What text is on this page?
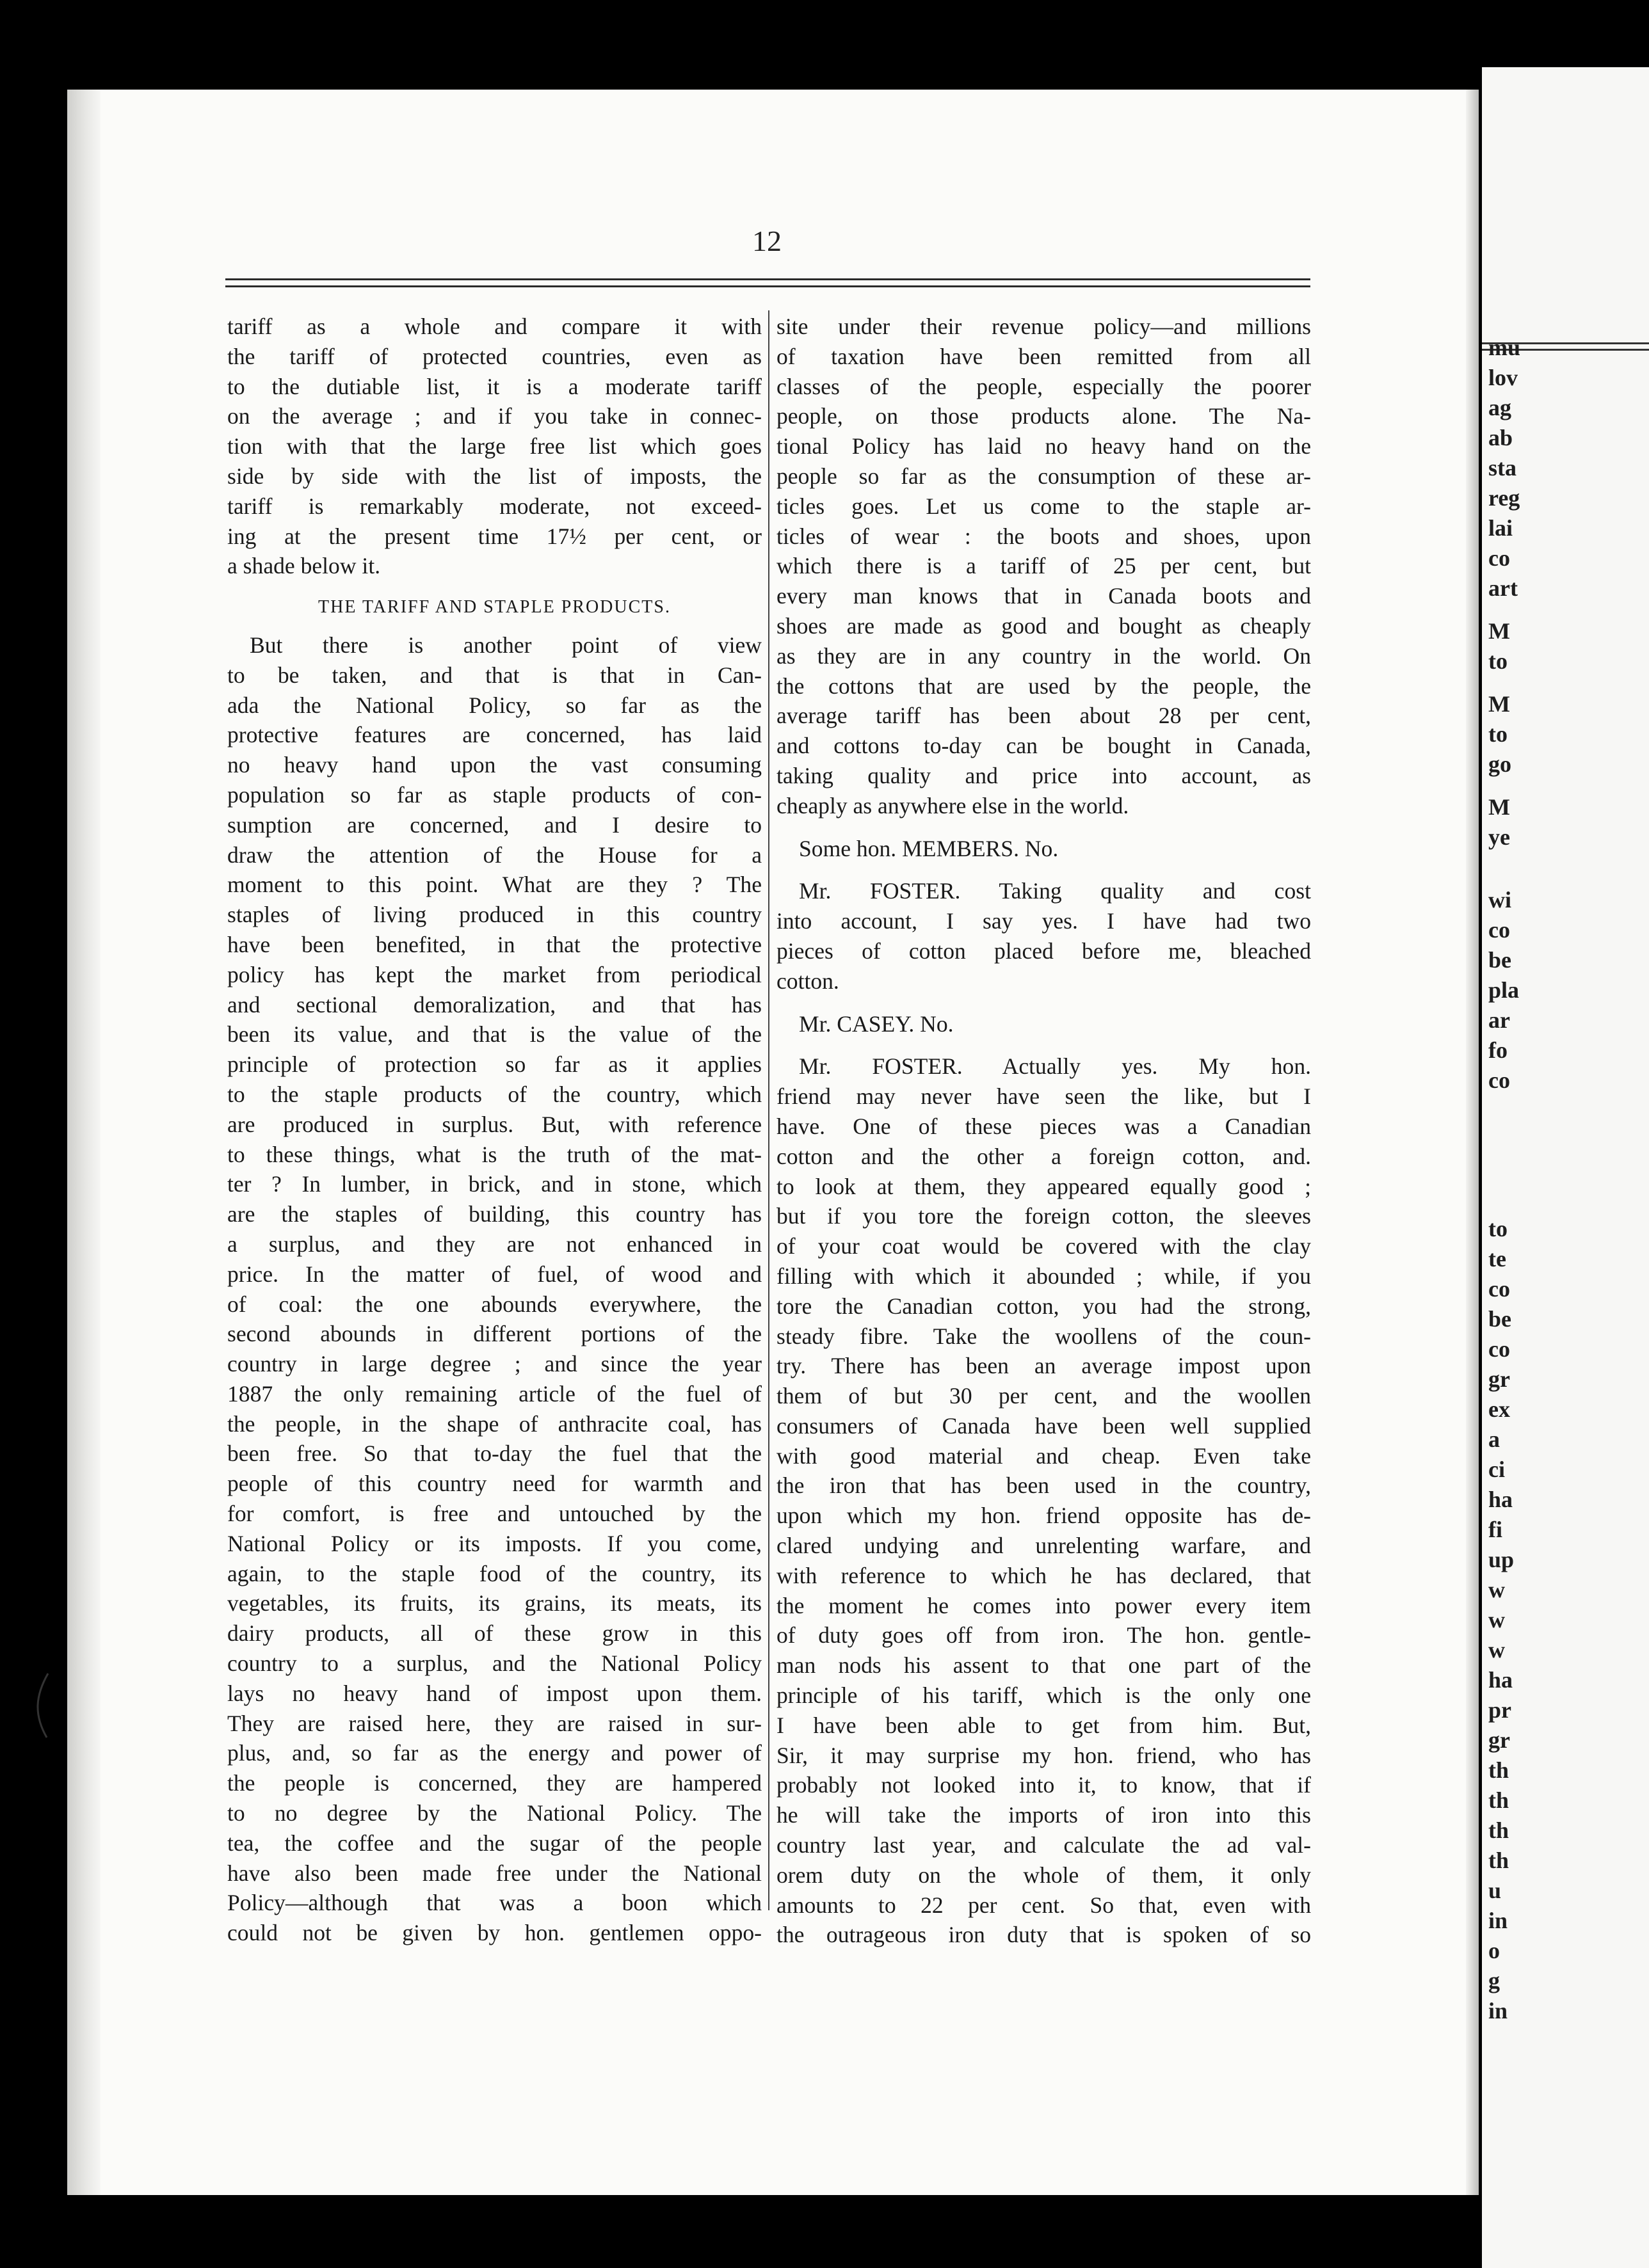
mu
lov
ag
ab
sta
reg
lai
co
art
M
to
M
to
go
M
ye
wi
co
be
pla
ar
fo
co
to
te
co
be
co
gr
ex
a
ci
ha
fi
up
w
w
w
ha
pr
gr
th
th
th
th
u
in
o
g
in
12

tariff as a whole and compare it with

the tariff of protected countries, even as

to the dutiable list, it is a moderate tariff

on the average ; and if you take in connec-

tion with that the large free list which goes

side by side with the list of imposts, the

tariff is remarkably moderate, not exceed-

ing at the present time 17½ per cent, or

a shade below it.

THE TARIFF AND STAPLE PRODUCTS.

But there is another point of view

to be taken, and that is that in Can-

ada the National Policy, so far as the

protective features are concerned, has laid

no heavy hand upon the vast consuming

population so far as staple products of con-

sumption are concerned, and I desire to

draw the attention of the House for a

moment to this point. What are they ? The

staples of living produced in this country

have been benefited, in that the protective

policy has kept the market from periodical

and sectional demoralization, and that has

been its value, and that is the value of the

principle of protection so far as it applies

to the staple products of the country, which

are produced in surplus. But, with reference

to these things, what is the truth of the mat-

ter ? In lumber, in brick, and in stone, which

are the staples of building, this country has

a surplus, and they are not enhanced in

price. In the matter of fuel, of wood and

of coal: the one abounds everywhere, the

second abounds in different portions of the

country in large degree ; and since the year

1887 the only remaining article of the fuel of

the people, in the shape of anthracite coal, has

been free. So that to-day the fuel that the

people of this country need for warmth and

for comfort, is free and untouched by the

National Policy or its imposts. If you come,

again, to the staple food of the country, its

vegetables, its fruits, its grains, its meats, its

dairy products, all of these grow in this

country to a surplus, and the National Policy

lays no heavy hand of impost upon them.

They are raised here, they are raised in sur-

plus, and, so far as the energy and power of

the people is concerned, they are hampered

to no degree by the National Policy. The

tea, the coffee and the sugar of the people

have also been made free under the National

Policy—although that was a boon which

could not be given by hon. gentlemen oppo-

site under their revenue policy—and millions

of taxation have been remitted from all

classes of the people, especially the poorer

people, on those products alone. The Na-

tional Policy has laid no heavy hand on the

people so far as the consumption of these ar-

ticles goes. Let us come to the staple ar-

ticles of wear : the boots and shoes, upon

which there is a tariff of 25 per cent, but

every man knows that in Canada boots and

shoes are made as good and bought as cheaply

as they are in any country in the world. On

the cottons that are used by the people, the

average tariff has been about 28 per cent,

and cottons to-day can be bought in Canada,

taking quality and price into account, as

cheaply as anywhere else in the world.

Some hon. MEMBERS. No.

Mr. FOSTER. Taking quality and cost

into account, I say yes. I have had two

pieces of cotton placed before me, bleached

cotton.

Mr. CASEY. No.

Mr. FOSTER. Actually yes. My hon.

friend may never have seen the like, but I

have. One of these pieces was a Canadian

cotton and the other a foreign cotton, and.

to look at them, they appeared equally good ;

but if you tore the foreign cotton, the sleeves

of your coat would be covered with the clay

filling with which it abounded ; while, if you

tore the Canadian cotton, you had the strong,

steady fibre. Take the woollens of the coun-

try. There has been an average impost upon

them of but 30 per cent, and the woollen

consumers of Canada have been well supplied

with good material and cheap. Even take

the iron that has been used in the country,

upon which my hon. friend opposite has de-

clared undying and unrelenting warfare, and

with reference to which he has declared, that

the moment he comes into power every item

of duty goes off from iron. The hon. gentle-

man nods his assent to that one part of the

principle of his tariff, which is the only one

I have been able to get from him. But,

Sir, it may surprise my hon. friend, who has

probably not looked into it, to know, that if

he will take the imports of iron into this

country last year, and calculate the ad val-

orem duty on the whole of them, it only

amounts to 22 per cent. So that, even with

the outrageous iron duty that is spoken of so
